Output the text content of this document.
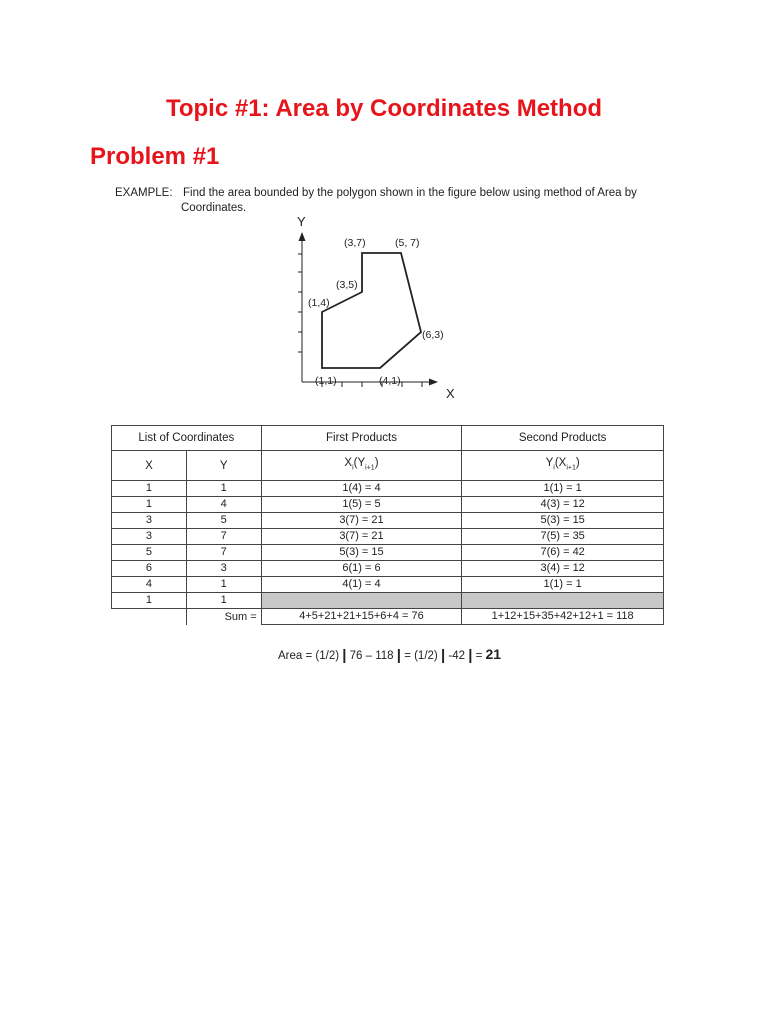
Topic #1: Area by Coordinates Method
Problem #1
EXAMPLE: Find the area bounded by the polygon shown in the figure below using method of Area by
Coordinates.
Y
X
(1,1)
(1,4)
(3,5)
(3,7)	(5, 7)
(6,3)
(4,1)
List of Coordinates		First Products	Second Products
X	Y	$X_i(Y_{i+1})$	$Y_i(X_{i+1})$
1	1	1(4) = 4	1(1) = 1
1	4	1(5) = 5	4(3) = 12
3	5	3(7) = 21	5(3) = 15
3	7	3(7) = 21	7(5) = 35
5	7	5(3) = 15	7(6) = 42
6	3	6(1) = 6	3(4) = 12
4	1	4(1) = 4	1(1) = 1
1	1		
	Sum =	4+5+21+21+15+6+4 = 76	1+12+15+35+42+12+1 = 118
Area = (1/2) | 76 – 118 | = (1/2) | -42 | = 21
